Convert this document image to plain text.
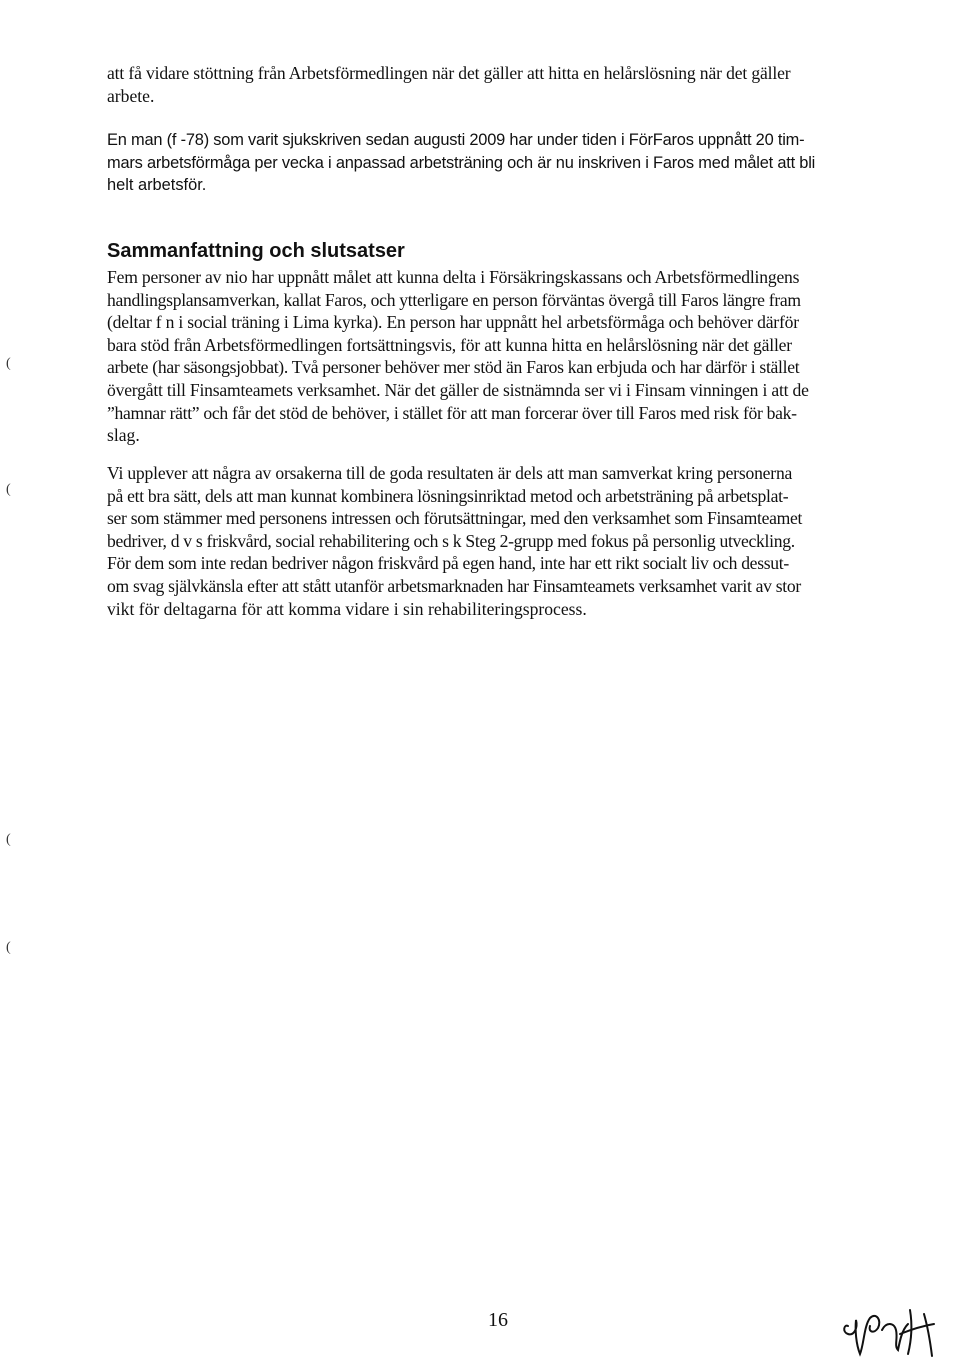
att få vidare stöttning från Arbetsförmedlingen när det gäller att hitta en helårslösning när det gäller
arbete.
En man (f -78) som varit sjukskriven sedan augusti 2009 har under tiden i FörFaros uppnått 20 tim-
mars arbetsförmåga per vecka i anpassad arbetsträning och är nu inskriven i Faros med målet att bli
helt arbetsför.
Sammanfattning och slutsatser
Fem personer av nio har uppnått målet att kunna delta i Försäkringskassans och Arbetsförmedlingens
handlingsplansamverkan, kallat Faros, och ytterligare en person förväntas övergå till Faros längre fram
(deltar f n i social träning i Lima kyrka). En person har uppnått hel arbetsförmåga och behöver därför
bara stöd från Arbetsförmedlingen fortsättningsvis, för att kunna hitta en helårslösning när det gäller
arbete (har säsongsjobbat). Två personer behöver mer stöd än Faros kan erbjuda och har därför i stället
övergått till Finsamteamets verksamhet. När det gäller de sistnämnda ser vi i Finsam vinningen i att de
”hamnar rätt” och får det stöd de behöver, i stället för att man forcerar över till Faros med risk för bak-
slag.
Vi upplever att några av orsakerna till de goda resultaten är dels att man samverkat kring personerna
på ett bra sätt, dels att man kunnat kombinera lösningsinriktad metod och arbetsträning på arbetsplat-
ser som stämmer med personens intressen och förutsättningar, med den verksamhet som Finsamteamet
bedriver, d v s friskvård, social rehabilitering och s k Steg 2-grupp med fokus på personlig utveckling.
För dem som inte redan bedriver någon friskvård på egen hand, inte har ett rikt socialt liv och dessut-
om svag självkänsla efter att stått utanför arbetsmarknaden har Finsamteamets verksamhet varit av stor
vikt för deltagarna för att komma vidare i sin rehabiliteringsprocess.
(
(
(
(
16
